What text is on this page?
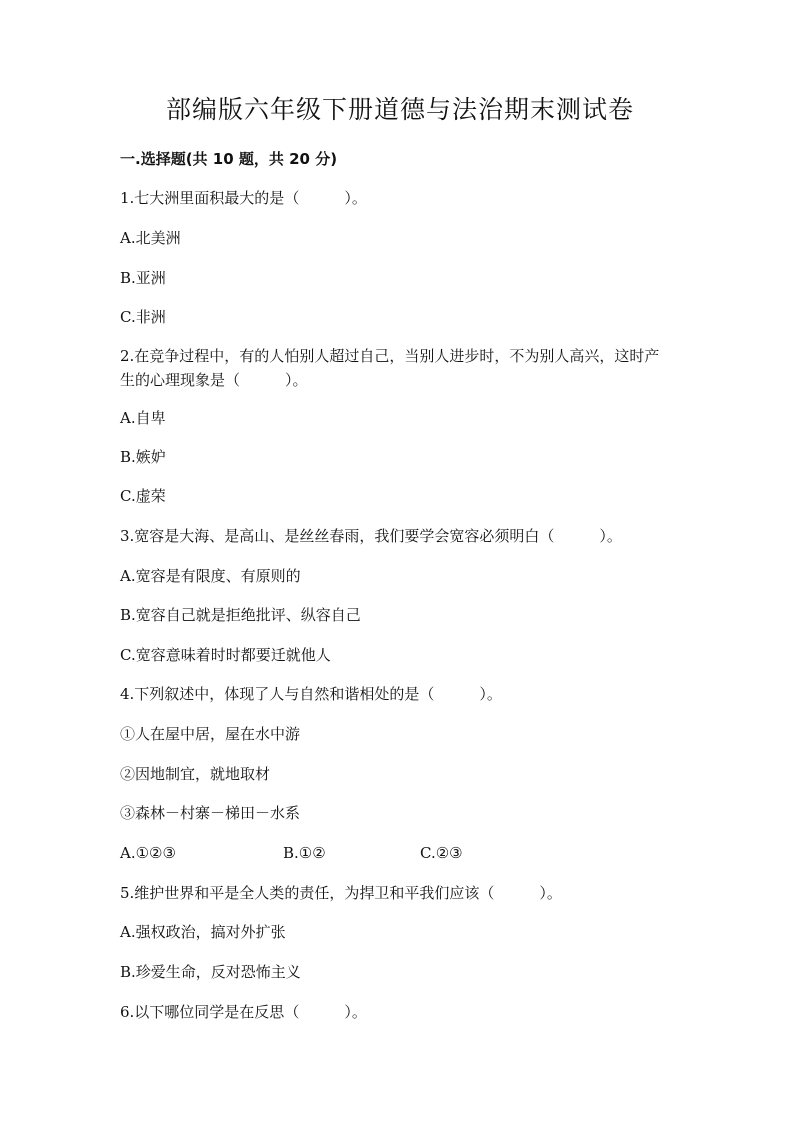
部编版六年级下册道德与法治期末测试卷
一.选择题(共 10 题，共 20 分)
1.七大洲里面积最大的是（　　　）。
A.北美洲
B.亚洲
C.非洲
2.在竞争过程中，有的人怕别人超过自己，当别人进步时，不为别人高兴，这时产生的心理现象是（　　　）。
A.自卑
B.嫉妒
C.虚荣
3.宽容是大海、是高山、是丝丝春雨，我们要学会宽容必须明白（　　　）。
A.宽容是有限度、有原则的
B.宽容自己就是拒绝批评、纵容自己
C.宽容意味着时时都要迁就他人
4.下列叙述中，体现了人与自然和谐相处的是（　　　）。
①人在屋中居，屋在水中游
②因地制宜，就地取材
③森林－村寨－梯田－水系
A.①②③	B.①②	C.②③
5.维护世界和平是全人类的责任，为捍卫和平我们应该（　　　）。
A.强权政治，搞对外扩张
B.珍爱生命，反对恐怖主义
6.以下哪位同学是在反思（　　　）。
